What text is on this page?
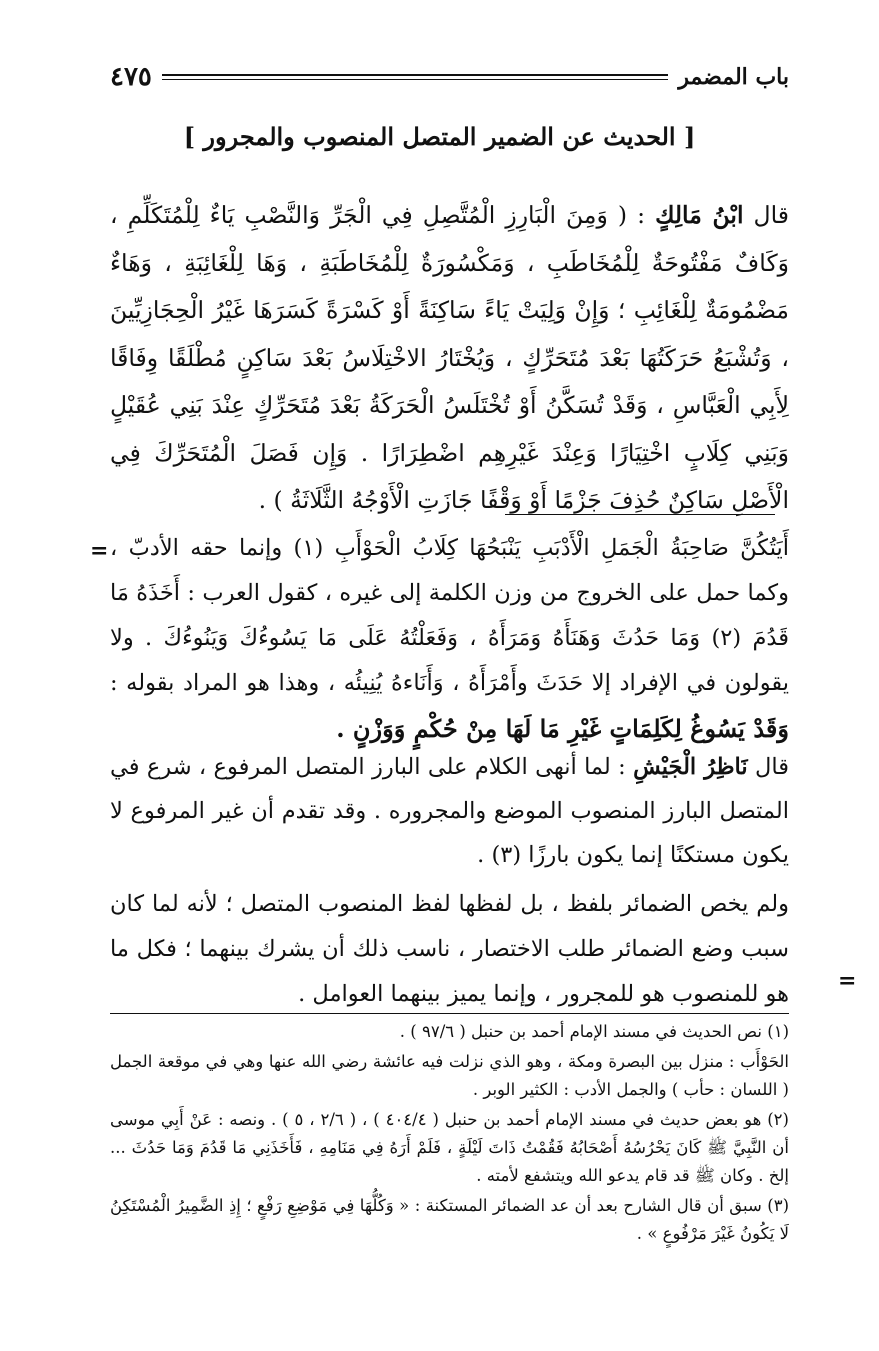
باب المضمر
٤٧٥
[ الحديث عن الضمير المتصل المنصوب والمجرور ]

قال ابْنُ مَالِكٍ : ( وَمِنَ الْبَارِزِ الْمُتَّصِلِ فِي الْجَرِّ وَالنَّصْبِ يَاءٌ لِلْمُتَكَلِّمِ ، وَكَافٌ مَفْتُوحَةٌ لِلْمُخَاطَبِ ، وَمَكْسُورَةٌ لِلْمُخَاطَبَةِ ، وَهَا لِلْغَائِبَةِ ، وَهَاءٌ مَضْمُومَةٌ لِلْغَائِبِ ؛ وَإِنْ وَلِيَتْ يَاءً سَاكِنَةً أَوْ كَسْرَةً كَسَرَهَا غَيْرُ الْحِجَازِيِّينَ ، وَتُشْبَعُ حَرَكَتُهَا بَعْدَ مُتَحَرِّكٍ ، وَيُخْتَارُ الاخْتِلَاسُ بَعْدَ سَاكِنٍ مُطْلَقًا وِفَاقًا لِأَبِي الْعَبَّاسِ ، وَقَدْ تُسَكَّنُ أَوْ تُخْتَلَسُ الْحَرَكَةُ بَعْدَ مُتَحَرِّكٍ عِنْدَ بَنِي عُقَيْلٍ وَبَنِي كِلَابٍ اخْتِيَارًا وَعِنْدَ غَيْرِهِم اضْطِرَارًا . وَإِن فَصَلَ الْمُتَحَرِّكَ فِي الْأَصْلِ سَاكِنٌ حُذِفَ جَزْمًا أَوْ وَقْفًا جَازَتِ الْأَوْجُهُ الثَّلَاثَةُ ) .

= أَيَتُكُنَّ صَاحِبَةُ الْجَمَلِ الْأَدْبَبِ يَنْبَحُهَا كِلَابُ الْحَوْأَبِ (١) وإنما حقه الأدبّ ، وكما حمل على الخروج من وزن الكلمة إلى غيره ، كقول العرب : أَخَذَهُ مَا قَدُمَ (٢) وَمَا حَدُثَ وَهَنَأَهُ وَمَرَأَهُ ، وَفَعَلْتُهُ عَلَى مَا يَسُوءُكَ وَيَنُوءُكَ . ولا يقولون في الإفراد إلا حَدَثَ وأَمْرَأَهُ ، وَأَنَاءهُ يُنِيئُه ، وهذا هو المراد بقوله : وَقَدْ يَسُوغُ لِكَلِمَاتٍ غَيْرِ مَا لَهَا مِنْ حُكْمٍ وَوَزْنٍ .

قال نَاظِرُ الْجَيْشِ : لما أنهى الكلام على البارز المتصل المرفوع ، شرع في المتصل البارز المنصوب الموضع والمجروره . وقد تقدم أن غير المرفوع لا يكون مستكنًا إنما يكون بارزًا (٣) .

ولم يخص الضمائر بلفظ ، بل لفظها لفظ المنصوب المتصل ؛ لأنه لما كان سبب وضع الضمائر طلب الاختصار ، ناسب ذلك أن يشرك بينهما ؛ فكل ما هو للمنصوب هو للمجرور ، وإنما يميز بينهما العوامل . =

(١) نص الحديث في مسند الإمام أحمد بن حنبل ( ٩٧/٦ ) .

الحَوْأَب : منزل بين البصرة ومكة ، وهو الذي نزلت فيه عائشة رضي الله عنها وهي في موقعة الجمل ( اللسان : حأب ) والجمل الأدب : الكثير الوبر .

(٢) هو بعض حديث في مسند الإمام أحمد بن حنبل ( ٤٠٤/٤ ) ، ( ٢/٦ ، ٥ ) . ونصه : عَنْ أَبِي موسى أن النَّبِيَّ ﷺ كَانَ يَحْرُسُهُ أَصْحَابُهُ فَقُمْتُ ذَاتَ لَيْلَةٍ ، فَلَمْ أَرَهُ فِي مَنَامِهِ ، فَأَخَذَنِي مَا قَدُمَ وَمَا حَدُثَ ... إلخ . وكان ﷺ قد قام يدعو الله ويتشفع لأمته .

(٣) سبق أن قال الشارح بعد أن عد الضمائر المستكنة : « وَكُلُّهَا فِي مَوْضِعِ رَفْعٍ ؛ إِذِ الضَّمِيرُ الْمُسْتَكِنُ لَا يَكُونُ غَيْرَ مَرْفُوعٍ » .
